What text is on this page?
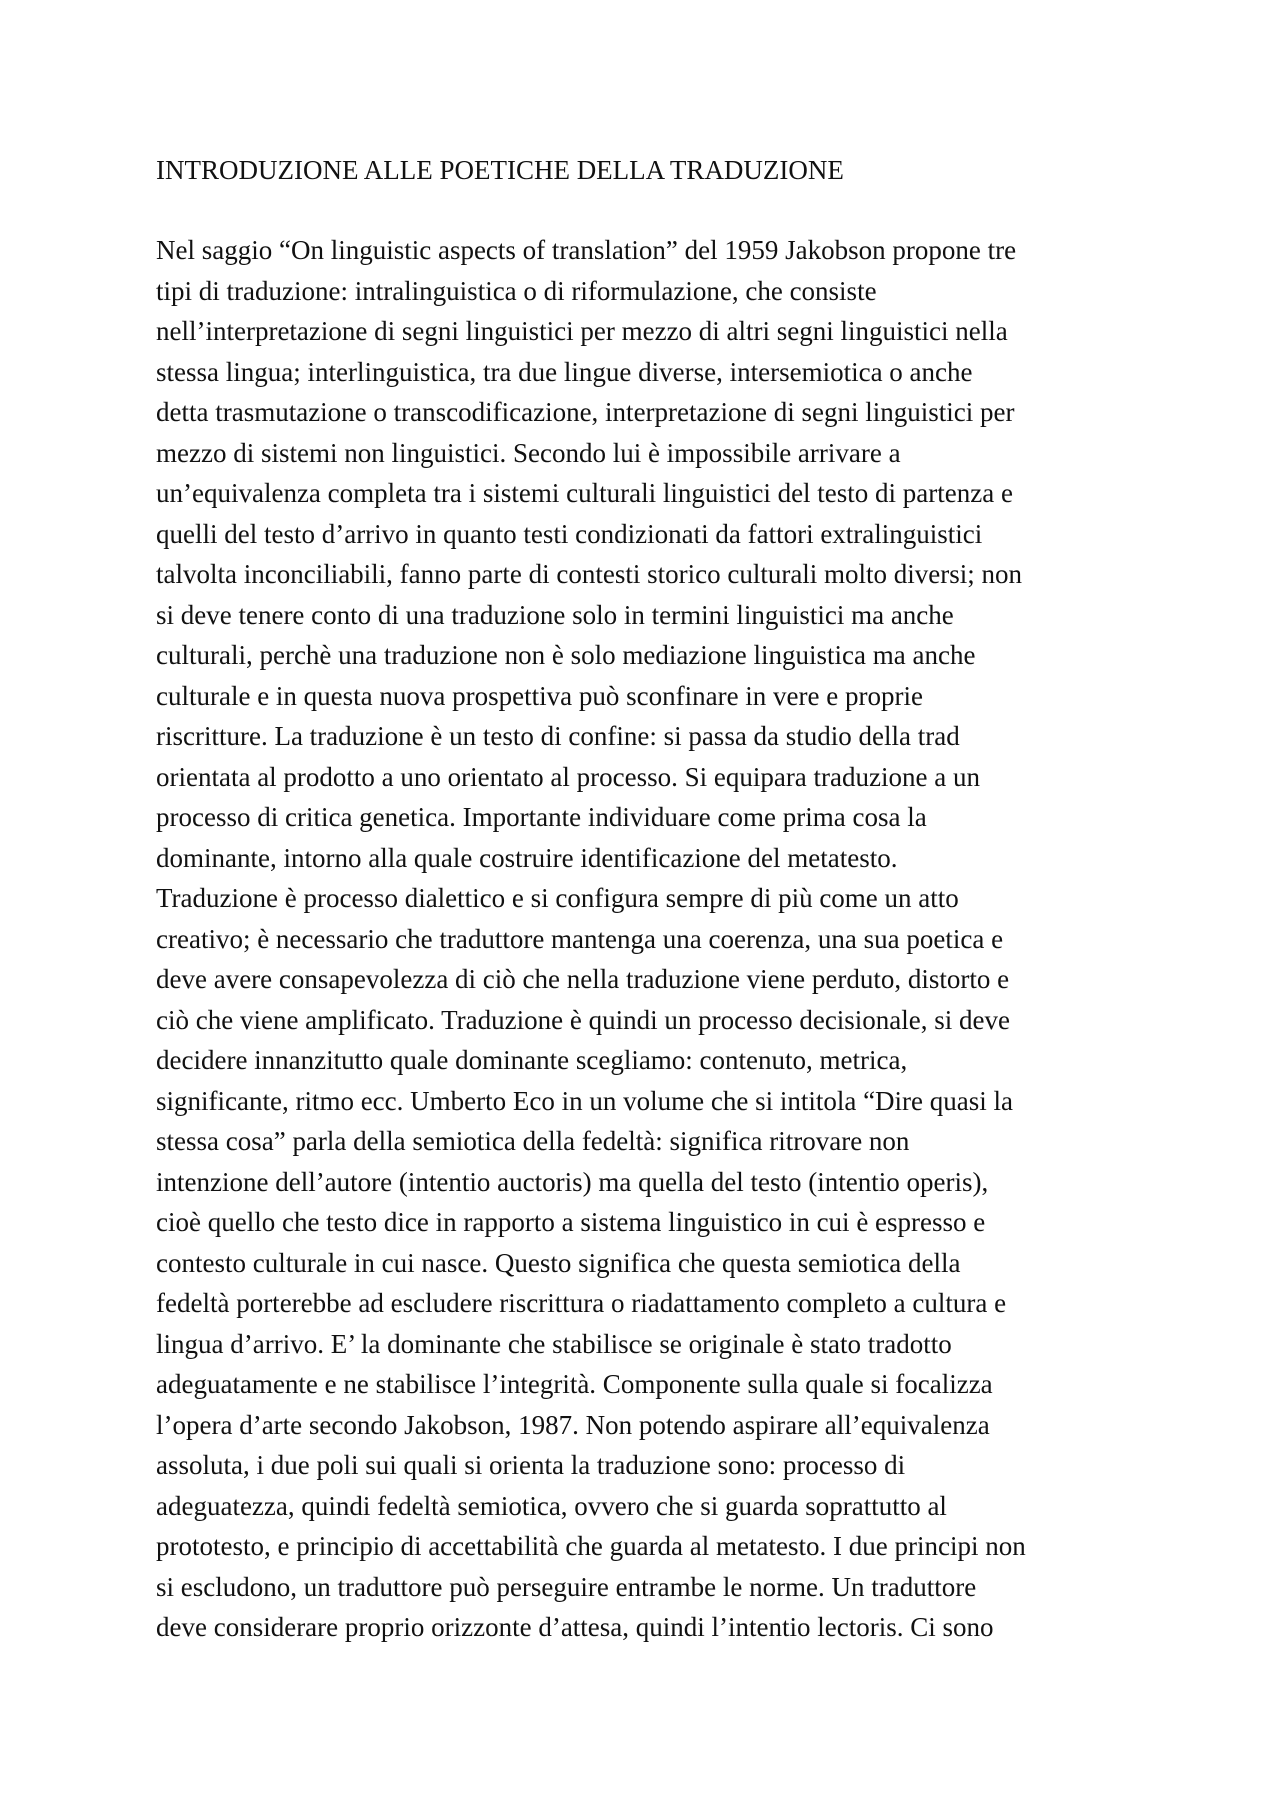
INTRODUZIONE ALLE POETICHE DELLA TRADUZIONE
Nel saggio “On linguistic aspects of translation” del 1959 Jakobson propone tre
tipi di traduzione: intralinguistica o di riformulazione, che consiste
nell’interpretazione di segni linguistici per mezzo di altri segni linguistici nella
stessa lingua; interlinguistica, tra due lingue diverse, intersemiotica o anche
detta trasmutazione o transcodificazione, interpretazione di segni linguistici per
mezzo di sistemi non linguistici. Secondo lui è impossibile arrivare a
un’equivalenza completa tra i sistemi culturali linguistici del testo di partenza e
quelli del testo d’arrivo in quanto testi condizionati da fattori extralinguistici
talvolta inconciliabili, fanno parte di contesti storico culturali molto diversi; non
si deve tenere conto di una traduzione solo in termini linguistici ma anche
culturali, perchè una traduzione non è solo mediazione linguistica ma anche
culturale e in questa nuova prospettiva può sconfinare in vere e proprie
riscritture. La traduzione è un testo di confine: si passa da studio della trad
orientata al prodotto a uno orientato al processo. Si equipara traduzione a un
processo di critica genetica. Importante individuare come prima cosa la
dominante, intorno alla quale costruire identificazione del metatesto.
Traduzione è processo dialettico e si configura sempre di più come un atto
creativo; è necessario che traduttore mantenga una coerenza, una sua poetica e
deve avere consapevolezza di ciò che nella traduzione viene perduto, distorto e
ciò che viene amplificato. Traduzione è quindi un processo decisionale, si deve
decidere innanzitutto quale dominante scegliamo: contenuto, metrica,
significante, ritmo ecc. Umberto Eco in un volume che si intitola “Dire quasi la
stessa cosa” parla della semiotica della fedeltà: significa ritrovare non
intenzione dell’autore (intentio auctoris) ma quella del testo (intentio operis),
cioè quello che testo dice in rapporto a sistema linguistico in cui è espresso e
contesto culturale in cui nasce. Questo significa che questa semiotica della
fedeltà porterebbe ad escludere riscrittura o riadattamento completo a cultura e
lingua d’arrivo. E’ la dominante che stabilisce se originale è stato tradotto
adeguatamente e ne stabilisce l’integrità. Componente sulla quale si focalizza
l’opera d’arte secondo Jakobson, 1987. Non potendo aspirare all’equivalenza
assoluta, i due poli sui quali si orienta la traduzione sono: processo di
adeguatezza, quindi fedeltà semiotica, ovvero che si guarda soprattutto al
prototesto, e principio di accettabilità che guarda al metatesto. I due principi non
si escludono, un traduttore può perseguire entrambe le norme. Un traduttore
deve considerare proprio orizzonte d’attesa, quindi l’intentio lectoris. Ci sono
